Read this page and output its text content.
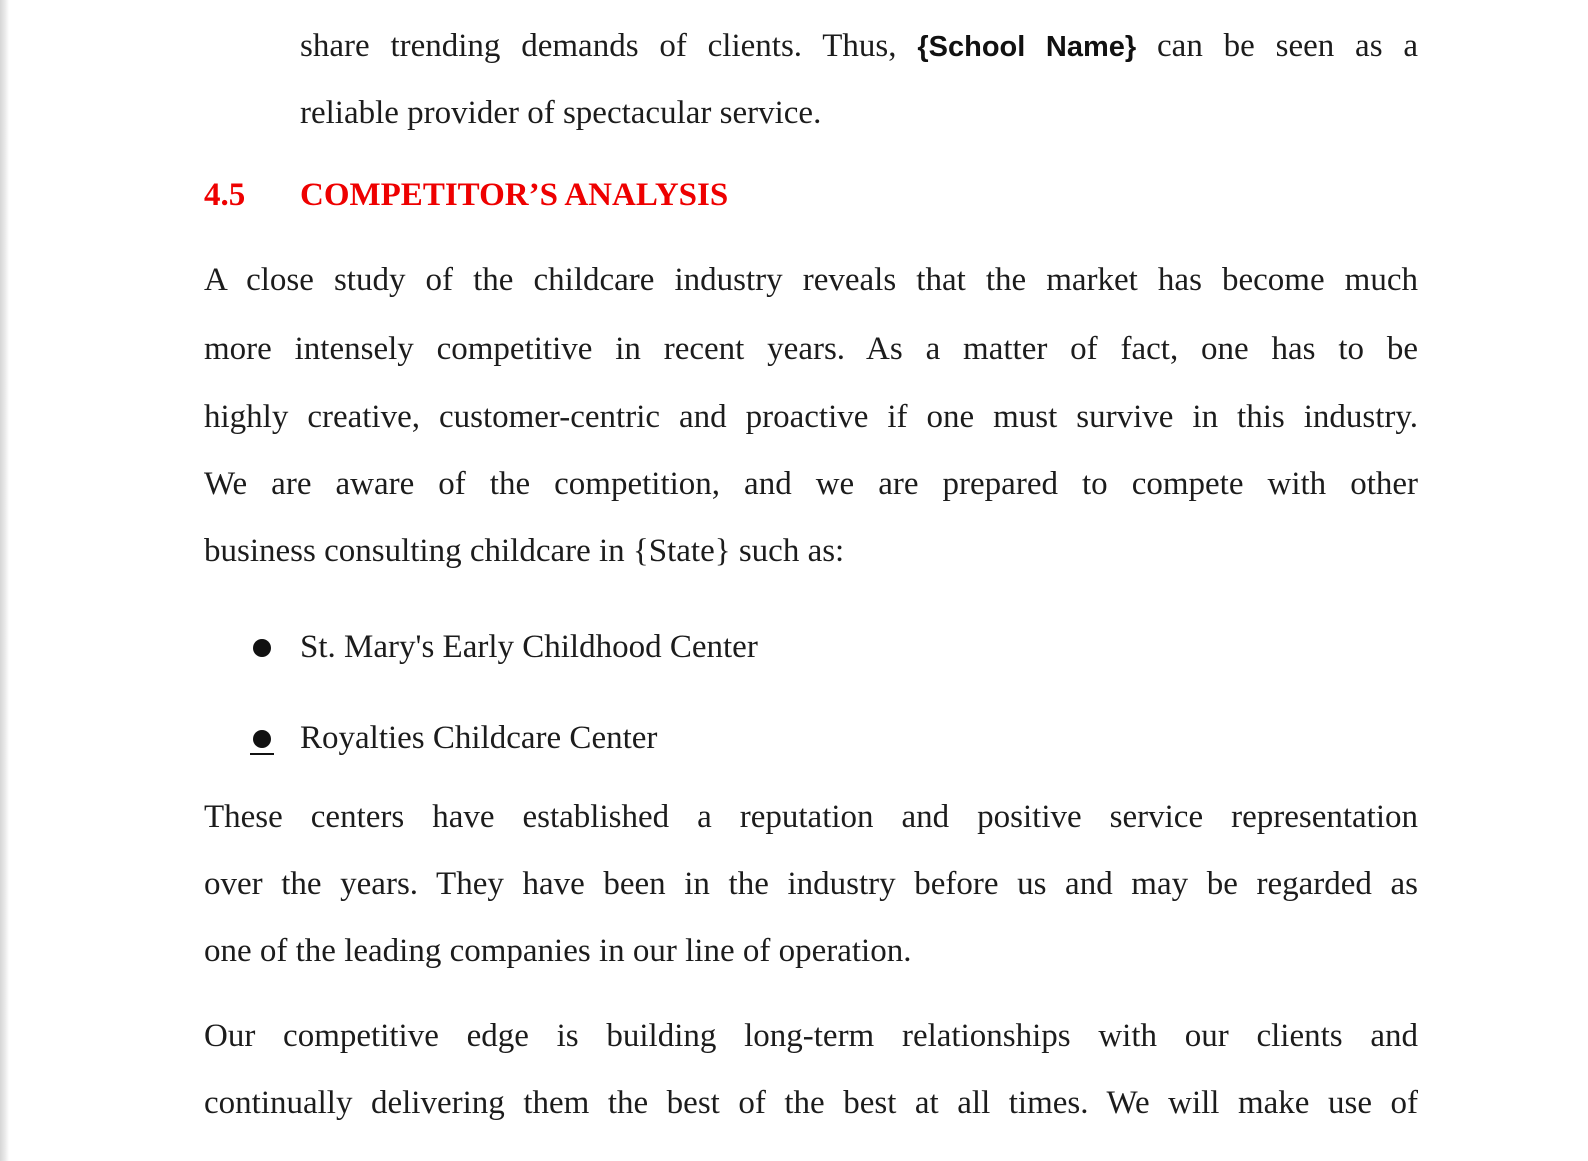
share trending demands of clients. Thus, {School Name} can be seen as a

reliable provider of spectacular service.

4.5 COMPETITOR’S ANALYSIS

A close study of the childcare industry reveals that the market has become much

more intensely competitive in recent years. As a matter of fact, one has to be

highly creative, customer-centric and proactive if one must survive in this industry.

We are aware of the competition, and we are prepared to compete with other

business consulting childcare in {State} such as:

St. Mary's Early Childhood Center

Royalties Childcare Center

These centers have established a reputation and positive service representation

over the years. They have been in the industry before us and may be regarded as

one of the leading companies in our line of operation.

Our competitive edge is building long-term relationships with our clients and

continually delivering them the best of the best at all times. We will make use of
